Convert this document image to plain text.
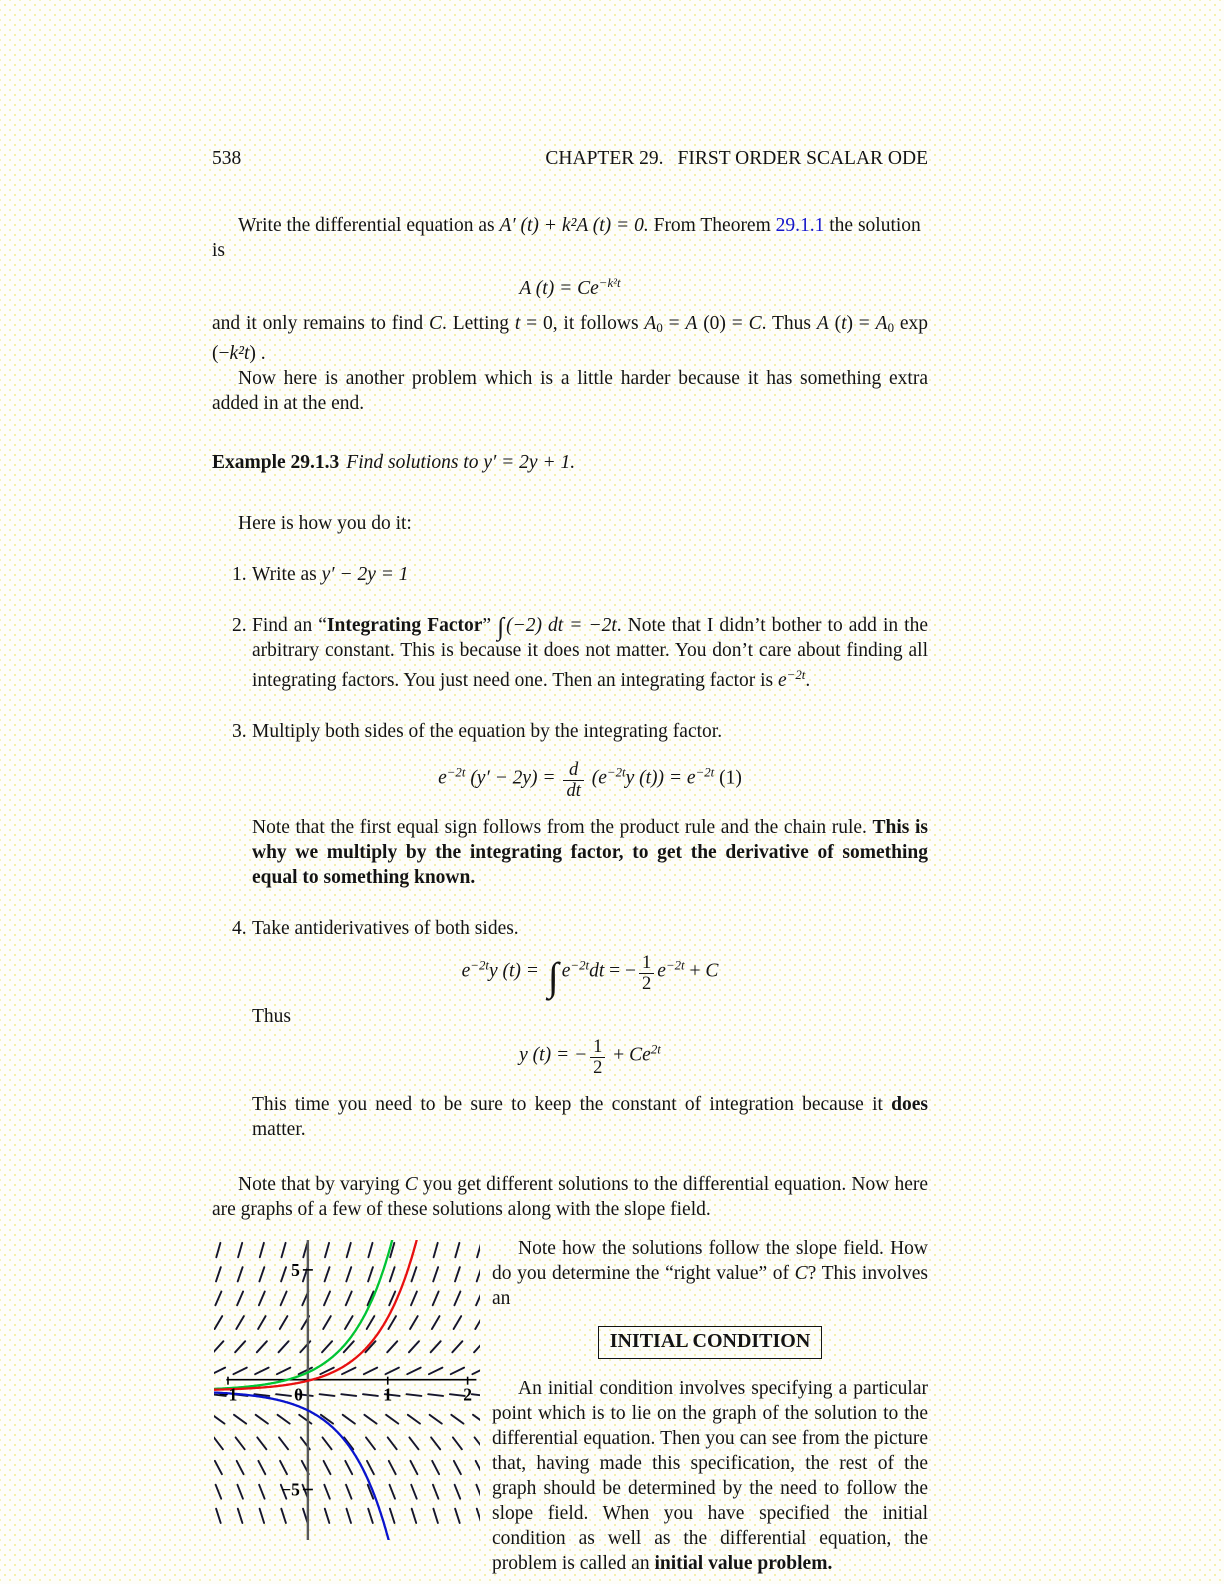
538	CHAPTER 29. FIRST ORDER SCALAR ODE

Write the differential equation as A′ (t) + k²A (t) = 0. From Theorem 29.1.1 the solution

is

A $(t) = Ce^{-k^2t}$

and it only remains to find C. Letting t = 0, it follows $A_0 = A$ (0) = C. Thus A $(t) = A_0$ exp (−k²t) .

Now here is another problem which is a little harder because it has something extra added in at the end.

Example 29.1.3 Find solutions to y′ = 2y + 1.

Here is how you do it:

1. Write as y′ − 2y = 1

2. Find an “Integrating Factor” ∫ (−2) dt = −2t. Note that I didn’t bother to add in the arbitrary constant. This is because it does not matter. You don’t care about finding all integrating factors. You just need one. Then an integrating factor is $e^{-2t}$.

3. Multiply both sides of the equation by the integrating factor.

$e^{-2t}$ $(y' - 2y) = \frac{d}{dt} (e^{-2t}y$ $(t)) = e^{-2t}$ (1)

Note that the first equal sign follows from the product rule and the chain rule. This is why we multiply by the integrating factor, to get the derivative of something equal to something known.

4. Take antiderivatives of both sides.

$e^{-2t}y$ (t) = ∫ $e^{-2t}dt$ = − $\frac{1}{2} e^{-2t} + C$

Thus

y (t) = − $\frac{1}{2} + Ce^{2t}$

This time you need to be sure to keep the constant of integration because it does matter.

Note that by varying C you get different solutions to the differential equation. Now here are graphs of a few of these solutions along with the slope field.

−1	0	1	2
5
−5

Note how the solutions follow the slope field. How do you determine the “right value” of C? This involves an

INITIAL CONDITION

An initial condition involves specifying a particular point which is to lie on the graph of the solution to the differential equation. Then you can see from the picture that, having made this specification, the rest of the graph should be determined by the need to follow the slope field. When you have specified the initial condition as well as the differential equation, the problem is called an initial value problem.
